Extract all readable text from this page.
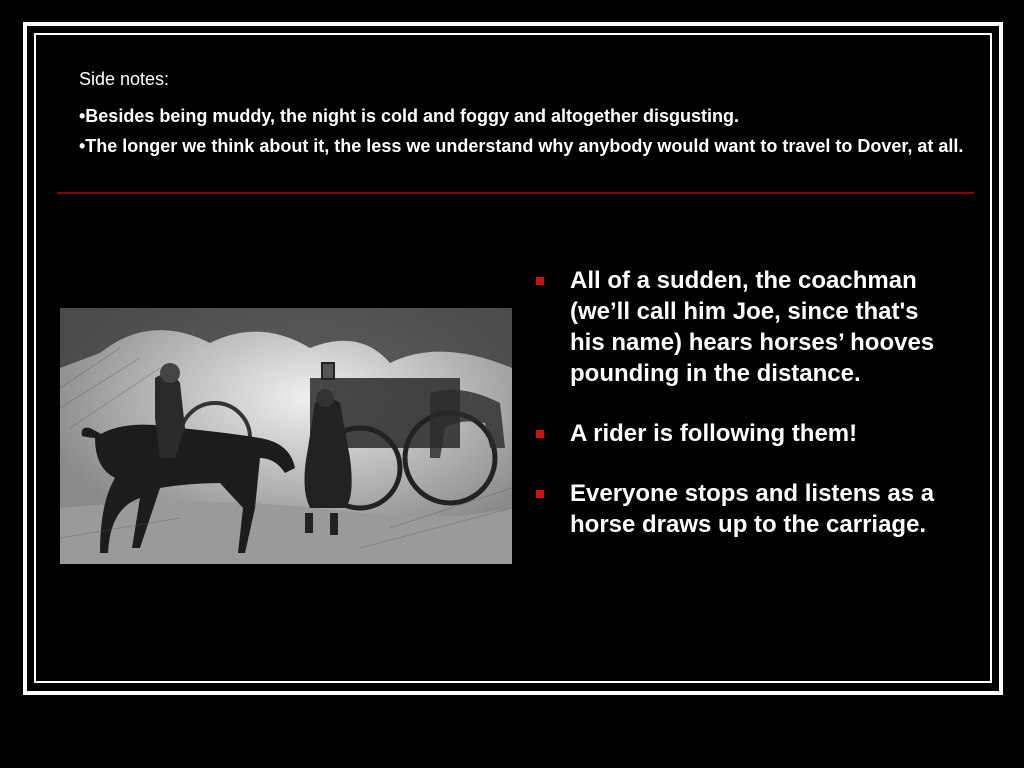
Side notes:

•Besides being muddy, the night is cold and foggy and altogether disgusting.

•The longer we think about it, the less we understand why anybody would want to travel to Dover, at all.

All of a sudden, the coachman (we’ll call him Joe, since that's his name) hears horses’ hooves pounding in the distance.
A rider is following them!
Everyone stops and listens as a horse draws up to the carriage.
